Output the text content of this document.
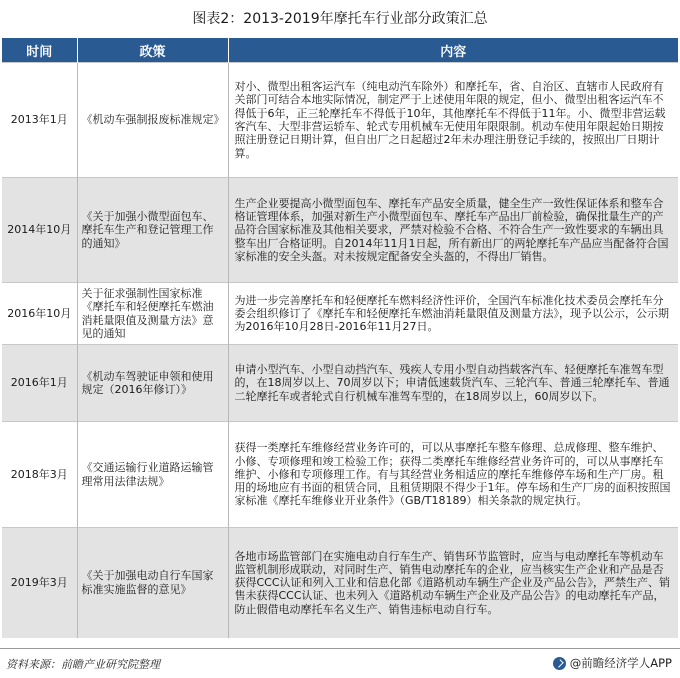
图表2：2013-2019年摩托车行业部分政策汇总
时间	政策	内容
2013年1月	《机动车强制报废标准规定》	对小、微型出租客运汽车（纯电动汽车除外）和摩托车，省、自治区、直辖市人民政府有关部门可结合本地实际情况，制定严于上述使用年限的规定，但小、微型出租客运汽车不得低于6年，正三轮摩托车不得低于10年，其他摩托车不得低于11年。小、微型非营运载客汽车、大型非营运轿车、轮式专用机械车无使用年限限制。机动车使用年限起始日期按照注册登记日期计算，但自出厂之日起超过2年未办理注册登记手续的，按照出厂日期计算。
2014年10月	《关于加强小微型面包车、摩托车生产和登记管理工作的通知》	生产企业要提高小微型面包车、摩托车产品安全质量，健全生产一致性保证体系和整车合格证管理体系，加强对新生产小微型面包车、摩托车产品出厂前检验，确保批量生产的产品符合国家标准及其他相关要求，严禁对检验不合格、不符合生产一致性要求的车辆出具整车出厂合格证明。自2014年11月1日起，所有新出厂的两轮摩托车产品应当配备符合国家标准的安全头盔。对未按规定配备安全头盔的，不得出厂销售。
2016年10月	关于征求强制性国家标准《摩托车和轻便摩托车燃油消耗量限值及测量方法》意见的通知	为进一步完善摩托车和轻便摩托车燃料经济性评价，全国汽车标准化技术委员会摩托车分委会组织修订了《摩托车和轻便摩托车燃油消耗量限值及测量方法》，现予以公示，公示期为2016年10月28日-2016年11月27日。
2016年1月	《机动车驾驶证申领和使用规定（2016年修订）》	申请小型汽车、小型自动挡汽车、残疾人专用小型自动挡载客汽车、轻便摩托车准驾车型的，在18周岁以上、70周岁以下；申请低速载货汽车、三轮汽车、普通三轮摩托车、普通二轮摩托车或者轮式自行机械车准驾车型的，在18周岁以上，60周岁以下。
2018年3月	《交通运输行业道路运输管理常用法律法规》	获得一类摩托车维修经营业务许可的，可以从事摩托车整车修理、总成修理、整车维护、小修、专项修理和竣工检验工作；获得二类摩托车维修经营业务许可的，可以从事摩托车维护、小修和专项修理工作。有与其经营业务相适应的摩托车维修停车场和生产厂房。租用的场地应有书面的租赁合同，且租赁期限不得少于1年。停车场和生产厂房的面积按照国家标准《摩托车维修业开业条件》（GB/T18189）相关条款的规定执行。
2019年3月	《关于加强电动自行车国家标准实施监督的意见》	各地市场监管部门在实施电动自行车生产、销售环节监管时，应当与电动摩托车等机动车监管机制形成联动，对同时生产、销售电动摩托车的企业，应当核实生产企业和产品是否获得CCC认证和列入工业和信息化部《道路机动车辆生产企业及产品公告》，严禁生产、销售未获得CCC认证、也未列入《道路机动车辆生产企业及产品公告》的电动摩托车产品，防止假借电动摩托车名义生产、销售违标电动自行车。
资料来源：前瞻产业研究院整理	@前瞻经济学人APP
